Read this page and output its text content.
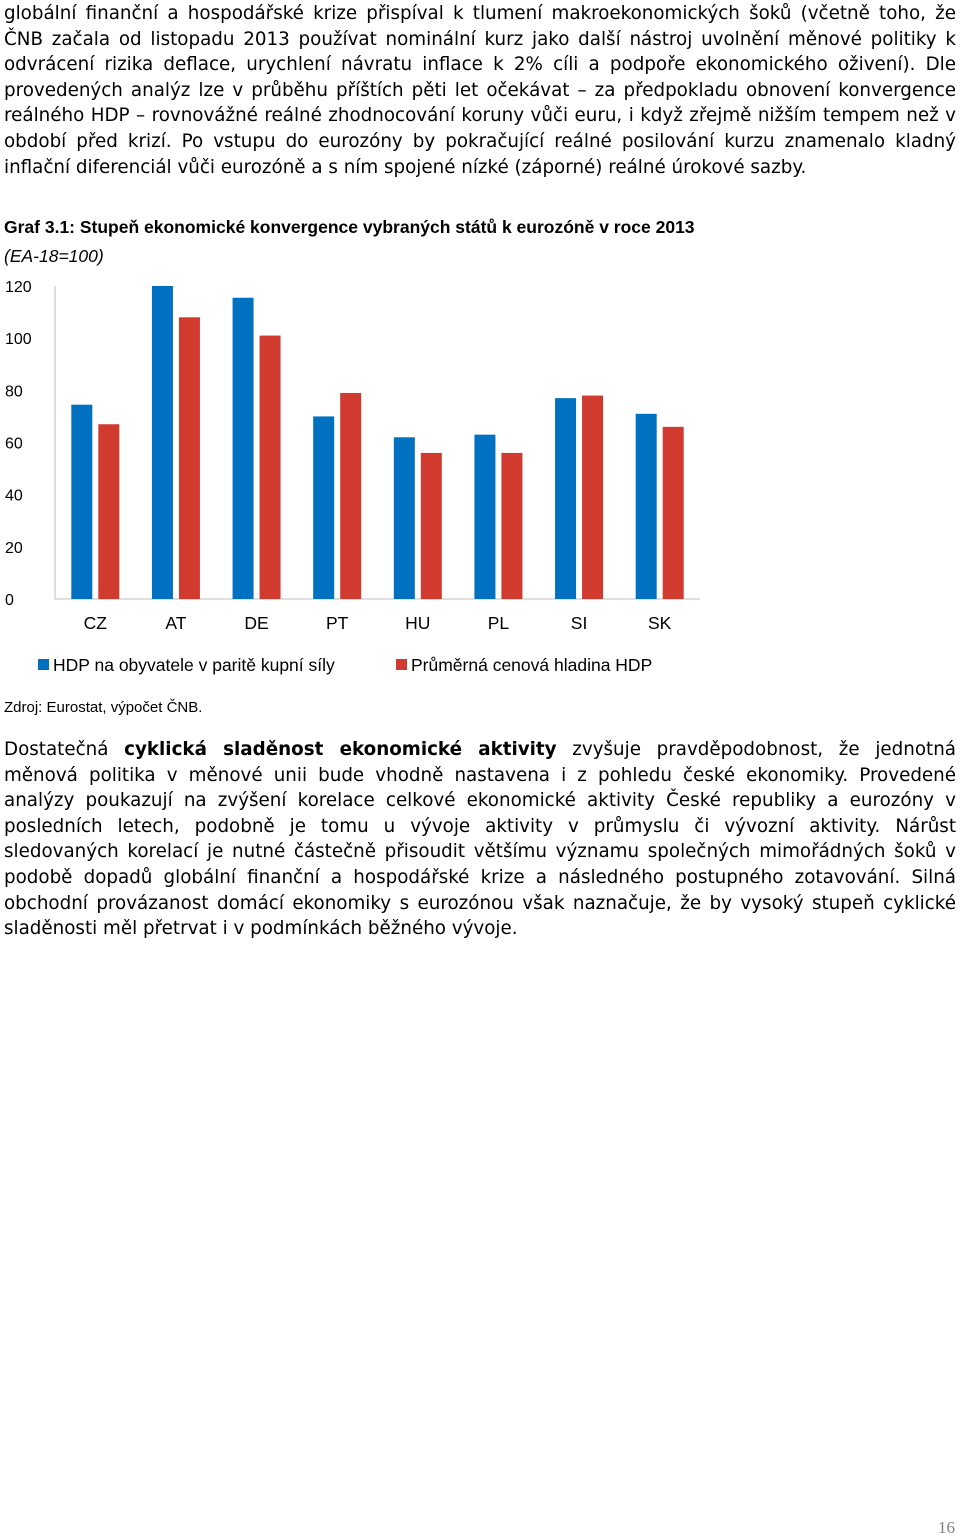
globální finanční a hospodářské krize přispíval k tlumení makroekonomických šoků (včetně toho, že ČNB začala od listopadu 2013 používat nominální kurz jako další nástroj uvolnění měnové politiky k odvrácení rizika deflace, urychlení návratu inflace k 2% cíli a podpoře ekonomického oživení). Dle provedených analýz lze v průběhu příštích pěti let očekávat – za předpokladu obnovení konvergence reálného HDP – rovnovážné reálné zhodnocování koruny vůči euru, i když zřejmě nižším tempem než v období před krizí. Po vstupu do eurozóny by pokračující reálné posilování kurzu znamenalo kladný inflační diferenciál vůči eurozóně a s ním spojené nízké (záporné) reálné úrokové sazby.

Graf 3.1: Stupeň ekonomické konvergence vybraných států k eurozóně v roce 2013

(EA-18=100)

0
20
40
60
80
100
120
CZ	AT	DE	PT	HU	PL	SI	SK
HDP na obyvatele v paritě kupní síly	Průměrná cenová hladina HDP

Zdroj: Eurostat, výpočet ČNB.

Dostatečná cyklická sladěnost ekonomické aktivity zvyšuje pravděpodobnost, že jednotná měnová politika v měnové unii bude vhodně nastavena i z pohledu české ekonomiky. Provedené analýzy poukazují na zvýšení korelace celkové ekonomické aktivity České republiky a eurozóny v posledních letech, podobně je tomu u vývoje aktivity v průmyslu či vývozní aktivity. Nárůst sledovaných korelací je nutné částečně přisoudit většímu významu společných mimořádných šoků v podobě dopadů globální finanční a hospodářské krize a následného postupného zotavování. Silná obchodní provázanost domácí ekonomiky s eurozónou však naznačuje, že by vysoký stupeň cyklické sladěnosti měl přetrvat i v podmínkách běžného vývoje.

16
